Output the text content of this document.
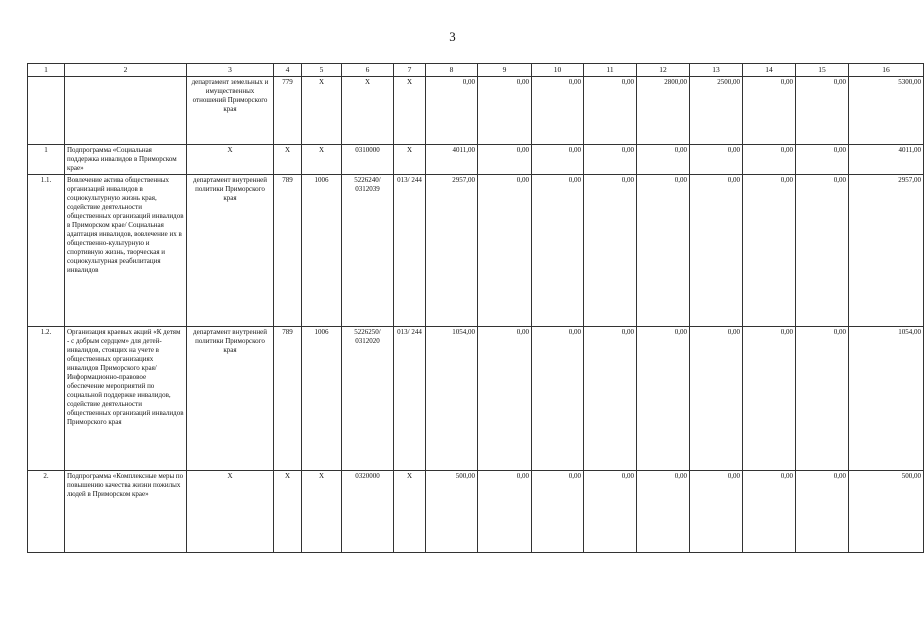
3
1	2	3	4	5	6	7	8	9	10	11	12	13	14	15	16
		департамент земельных и имущественных отношений Приморского края	779	X	X	X	0,00	0,00	0,00	0,00	2800,00	2500,00	0,00	0,00	5300,00
1	Подпрограмма «Социальная поддержка инвалидов в Приморском крае»	X	X	X	0310000	X	4011,00	0,00	0,00	0,00	0,00	0,00	0,00	0,00	4011,00
1.1.	Вовлечение актива общественных организаций инвалидов в социокультурную жизнь края, содействие деятельности общественных организаций инвалидов в Приморском крае/ Социальная адаптация инвалидов, вовлечение их в общественно-культурную и спортивную жизнь, творческая и социокультурная реабилитация инвалидов	департамент внутренней политики Приморского края	789	1006	5226240/ 0312039	013/ 244	2957,00	0,00	0,00	0,00	0,00	0,00	0,00	0,00	2957,00
1.2.	Организация краевых акций «К детям - с добрым сердцем» для детей-инвалидов, стоящих на учете в общественных организациях инвалидов Приморского края/ Информационно-правовое обеспечение мероприятий по социальной поддержке инвалидов, содействие деятельности общественных организаций инвалидов Приморского края	департамент внутренней политики Приморского края	789	1006	5226250/ 0312020	013/ 244	1054,00	0,00	0,00	0,00	0,00	0,00	0,00	0,00	1054,00
2.	Подпрограмма «Комплексные меры по повышению качества жизни пожилых людей в Приморском крае»	X	X	X	0320000	X	500,00	0,00	0,00	0,00	0,00	0,00	0,00	0,00	500,00
